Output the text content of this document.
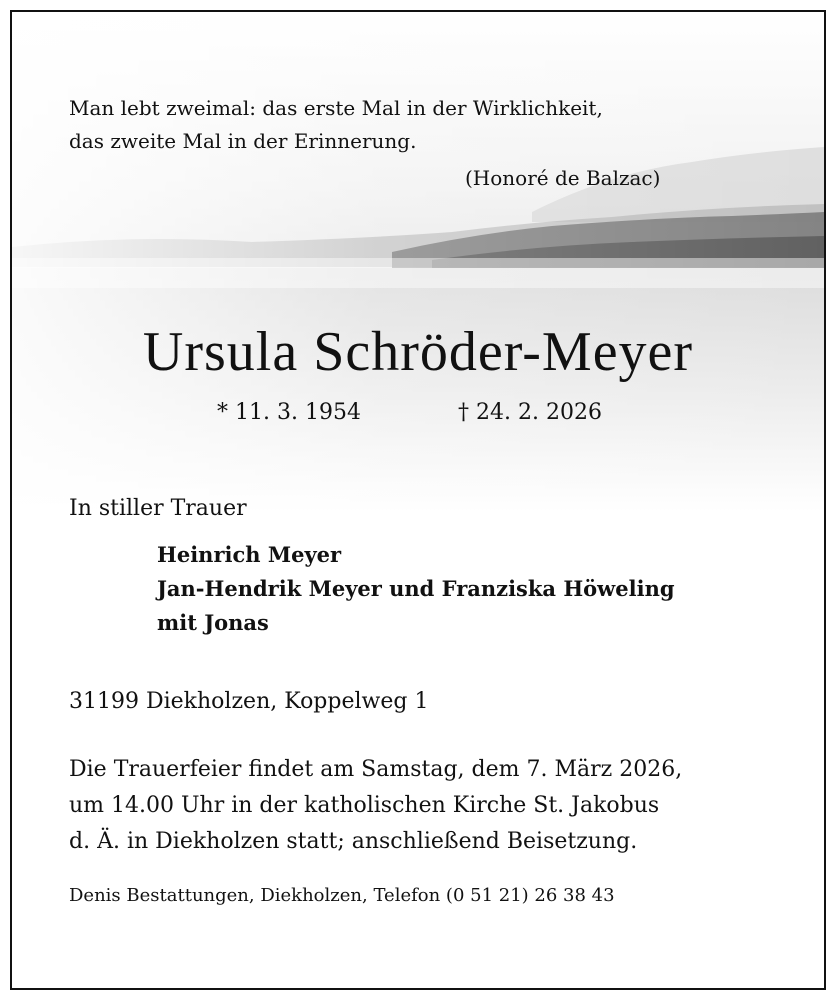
Man lebt zweimal: das erste Mal in der Wirklichkeit,
das zweite Mal in der Erinnerung.
(Honoré de Balzac)
Ursula Schröder-Meyer
* 11. 3. 1954	† 24. 2. 2026
In stiller Trauer
Heinrich Meyer
Jan-Hendrik Meyer und Franziska Höweling
mit Jonas
31199 Diekholzen, Koppelweg 1
Die Trauerfeier findet am Samstag, dem 7. März 2026,
um 14.00 Uhr in der katholischen Kirche St. Jakobus
d. Ä. in Diekholzen statt; anschließend Beisetzung.
Denis Bestattungen, Diekholzen, Telefon (0 51 21) 26 38 43
